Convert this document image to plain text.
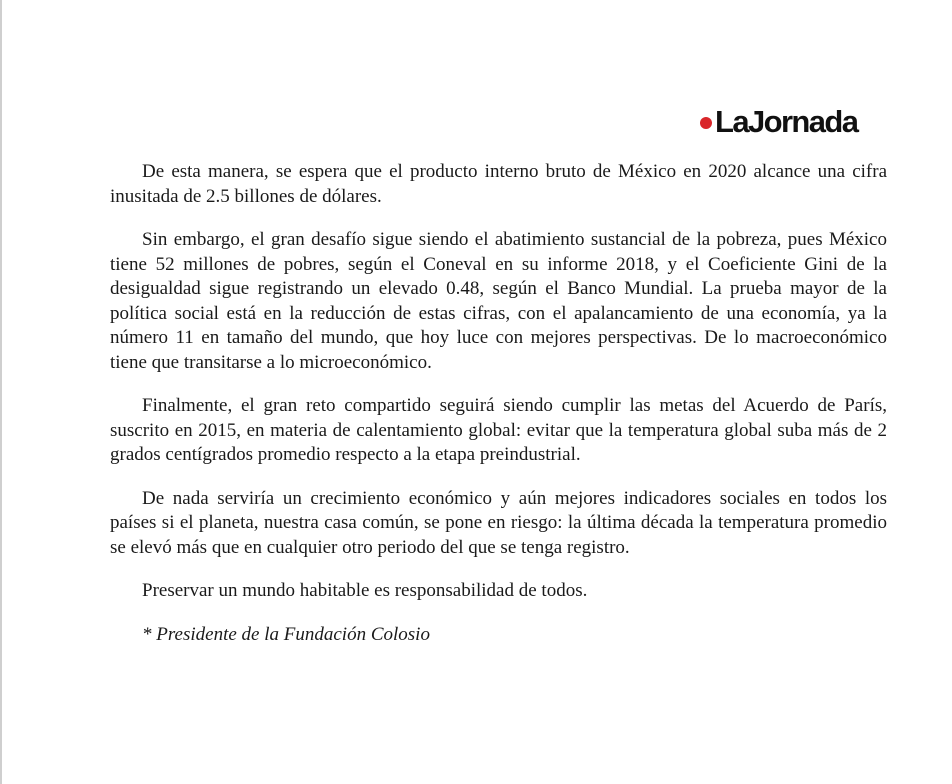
LaJornada

De esta manera, se espera que el producto interno bruto de México en 2020 alcance una cifra inusitada de 2.5 billones de dólares.

Sin embargo, el gran desafío sigue siendo el abatimiento sustancial de la pobreza, pues México tiene 52 millones de pobres, según el Coneval en su informe 2018, y el Coeficiente Gini de la desigualdad sigue registrando un elevado 0.48, según el Banco Mundial. La prueba mayor de la política social está en la reducción de estas cifras, con el apalancamiento de una economía, ya la número 11 en tamaño del mundo, que hoy luce con mejores perspectivas. De lo macroeconómico tiene que transitarse a lo microeconómico.

Finalmente, el gran reto compartido seguirá siendo cumplir las metas del Acuerdo de París, suscrito en 2015, en materia de calentamiento global: evitar que la temperatura global suba más de 2 grados centígrados promedio respecto a la etapa preindustrial.

De nada serviría un crecimiento económico y aún mejores indicadores sociales en todos los países si el planeta, nuestra casa común, se pone en riesgo: la última década la temperatura promedio se elevó más que en cualquier otro periodo del que se tenga registro.

Preservar un mundo habitable es responsabilidad de todos.

* Presidente de la Fundación Colosio
